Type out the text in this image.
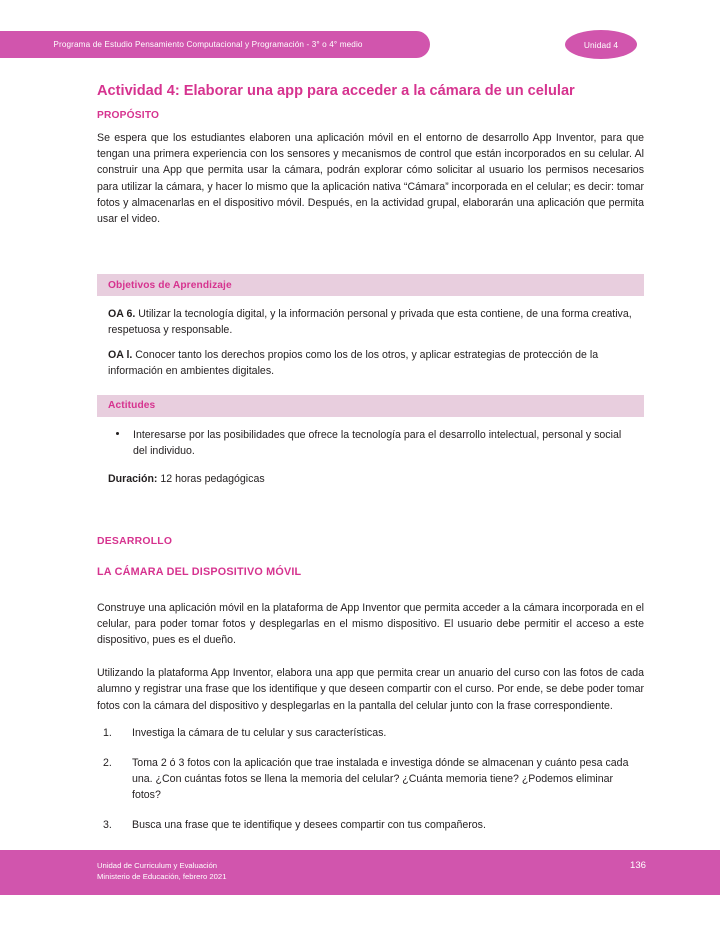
Programa de Estudio Pensamiento Computacional y Programación - 3° o 4° medio	Unidad 4
Actividad 4: Elaborar una app para acceder a la cámara de un celular
PROPÓSITO

Se espera que los estudiantes elaboren una aplicación móvil en el entorno de desarrollo App Inventor, para que tengan una primera experiencia con los sensores y mecanismos de control que están incorporados en su celular. Al construir una App que permita usar la cámara, podrán explorar cómo solicitar al usuario los permisos necesarios para utilizar la cámara, y hacer lo mismo que la aplicación nativa “Cámara” incorporada en el celular; es decir: tomar fotos y almacenarlas en el dispositivo móvil. Después, en la actividad grupal, elaborarán una aplicación que permita usar el video.

Objetivos de Aprendizaje

OA 6. Utilizar la tecnología digital, y la información personal y privada que esta contiene, de una forma creativa, respetuosa y responsable.

OA l. Conocer tanto los derechos propios como los de los otros, y aplicar estrategias de protección de la información en ambientes digitales.

Actitudes
Interesarse por las posibilidades que ofrece la tecnología para el desarrollo intelectual, personal y social del individuo.

Duración: 12 horas pedagógicas

DESARROLLO
LA CÁMARA DEL DISPOSITIVO MÓVIL

Construye una aplicación móvil en la plataforma de App Inventor que permita acceder a la cámara incorporada en el celular, para poder tomar fotos y desplegarlas en el mismo dispositivo. El usuario debe permitir el acceso a este dispositivo, pues es el dueño.

Utilizando la plataforma App Inventor, elabora una app que permita crear un anuario del curso con las fotos de cada alumno y registrar una frase que los identifique y que deseen compartir con el curso. Por ende, se debe poder tomar fotos con la cámara del dispositivo y desplegarlas en la pantalla del celular junto con la frase correspondiente.

1.	Investiga la cámara de tu celular y sus características.
2.	Toma 2 ó 3 fotos con la aplicación que trae instalada e investiga dónde se almacenan y cuánto pesa cada una. ¿Con cuántas fotos se llena la memoria del celular? ¿Cuánta memoria tiene? ¿Podemos eliminar fotos?
3.	Busca una frase que te identifique y desees compartir con tus compañeros.
Unidad de Curriculum y Evaluación
Ministerio de Educación, febrero 2021
136
